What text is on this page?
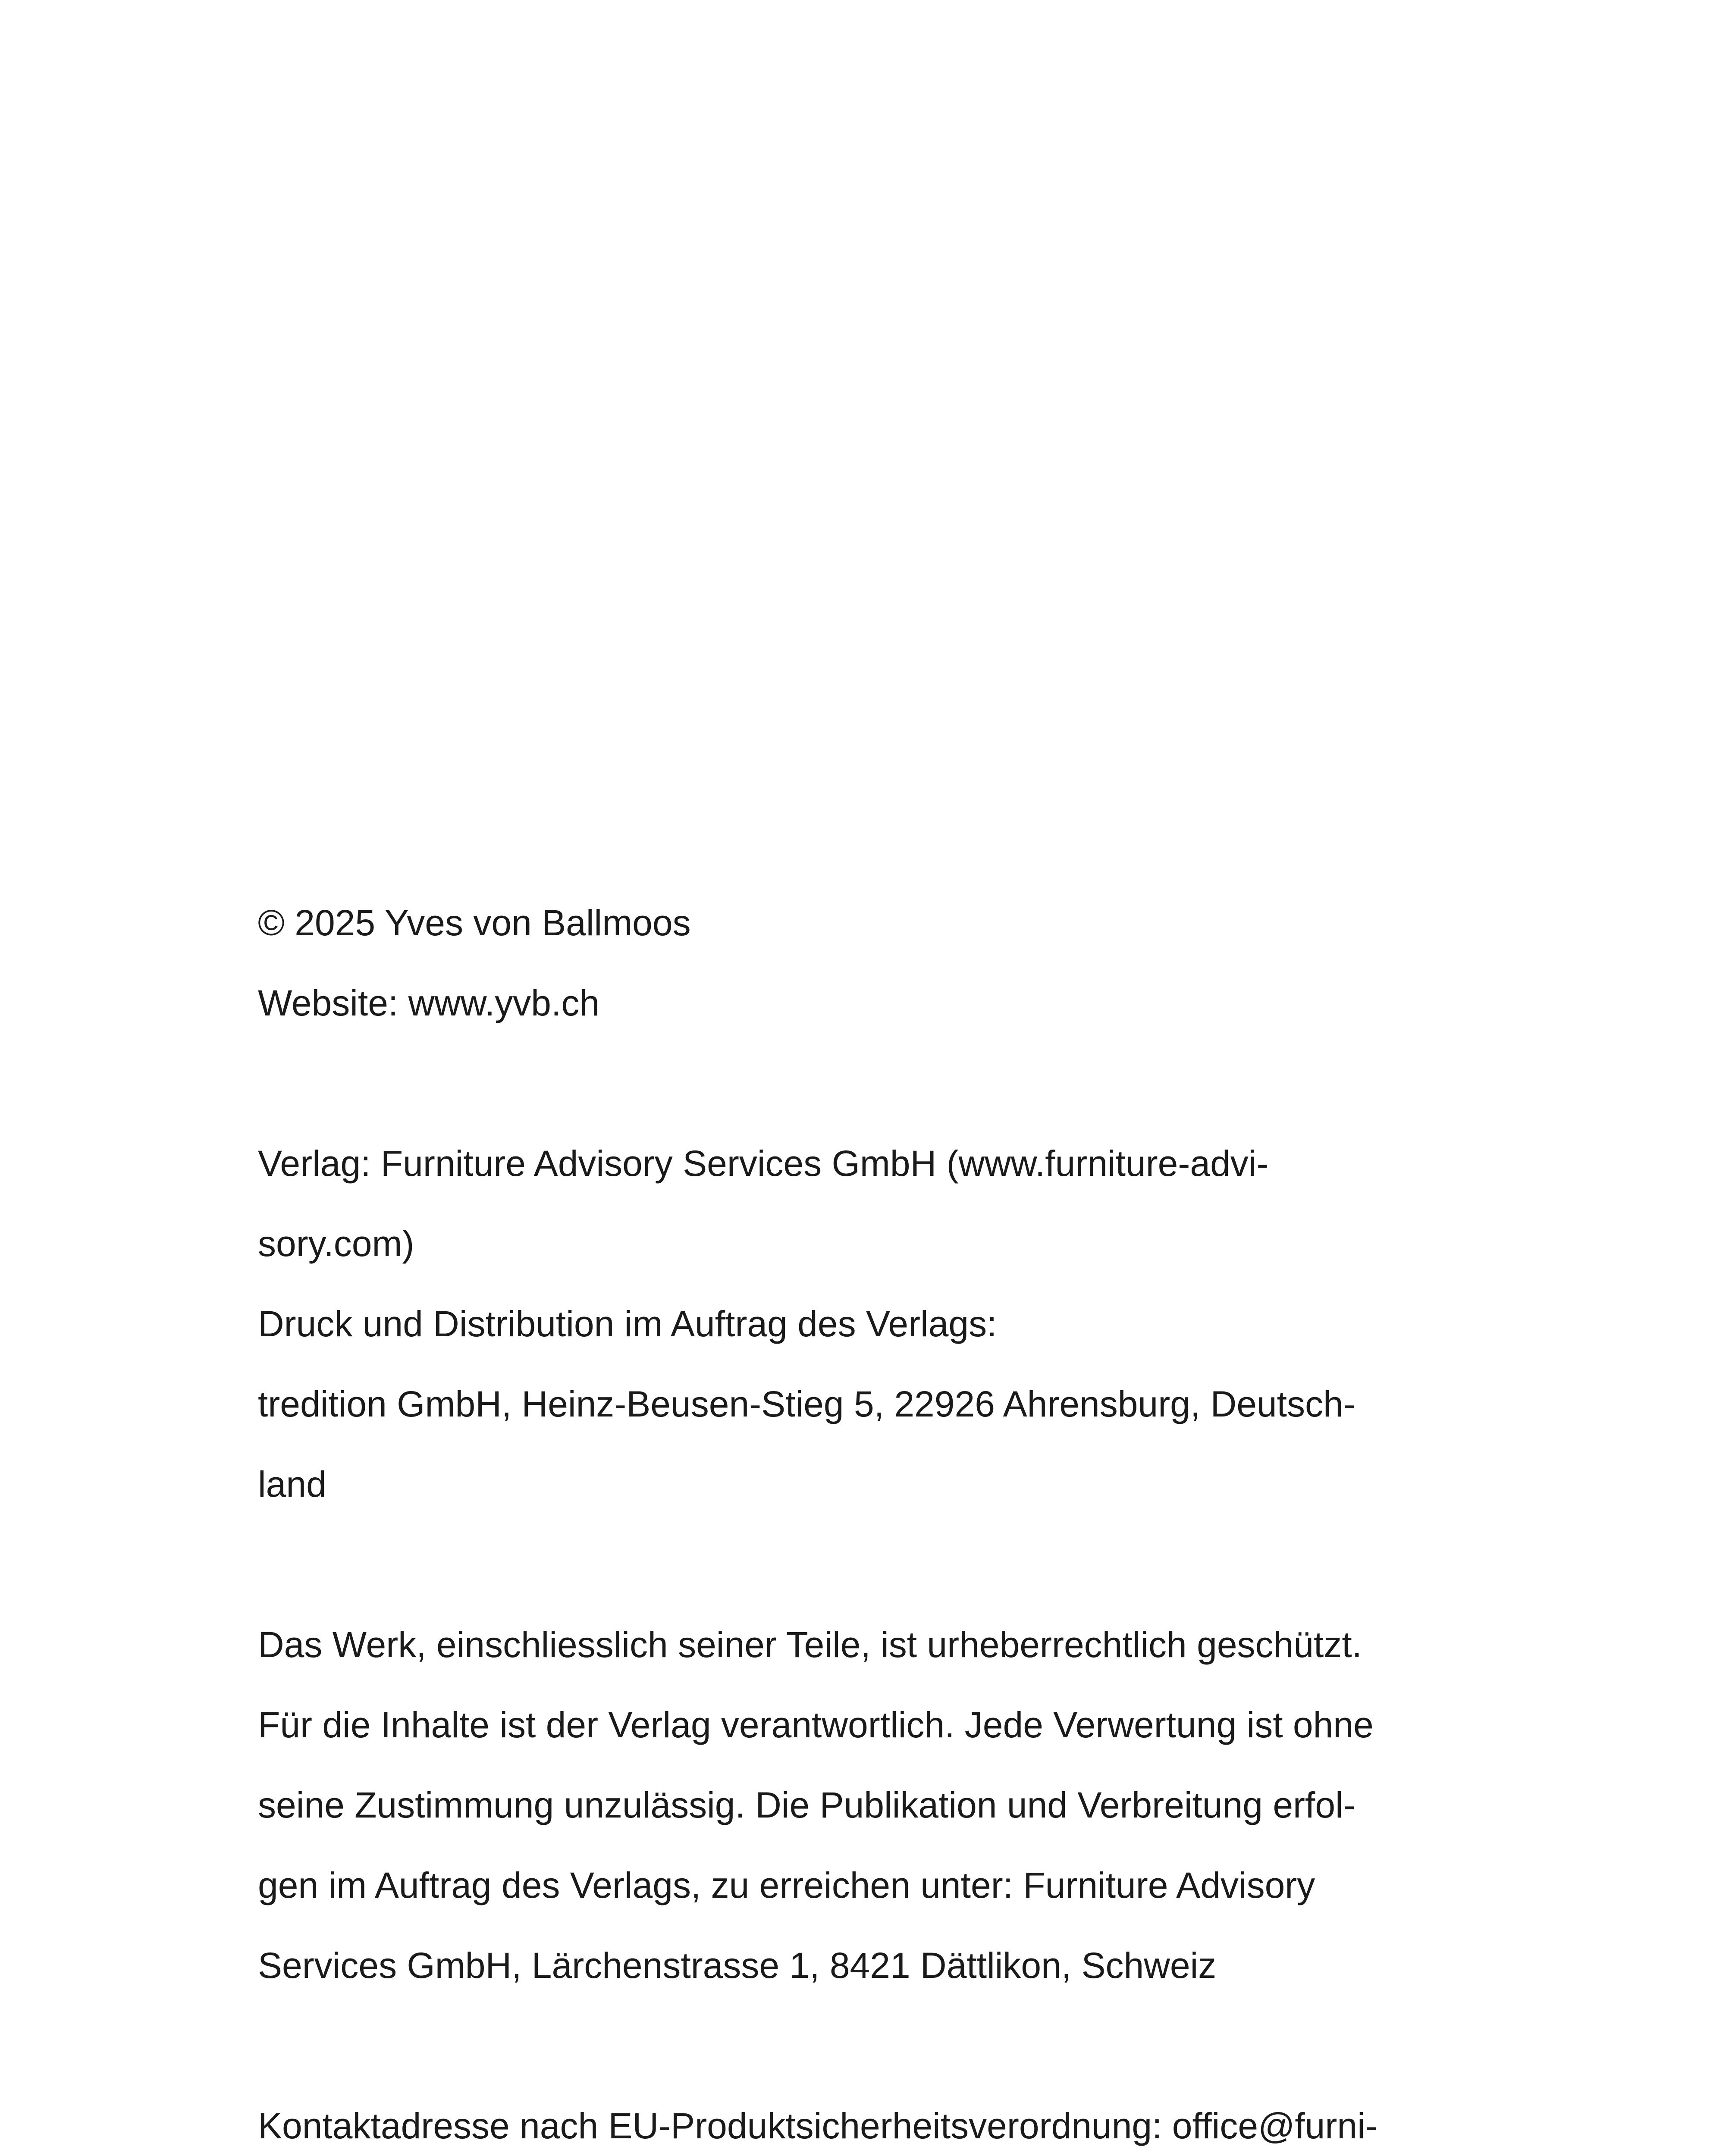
© 2025 Yves von Ballmoos
Website: www.yvb.ch
Verlag: Furniture Advisory Services GmbH (www.furniture-advi-
sory.com)
Druck und Distribution im Auftrag des Verlags:
tredition GmbH, Heinz-Beusen-Stieg 5, 22926 Ahrensburg, Deutsch-
land
Das Werk, einschliesslich seiner Teile, ist urheberrechtlich geschützt.
Für die Inhalte ist der Verlag verantwortlich. Jede Verwertung ist ohne
seine Zustimmung unzulässig. Die Publikation und Verbreitung erfol-
gen im Auftrag des Verlags, zu erreichen unter: Furniture Advisory
Services GmbH, Lärchenstrasse 1, 8421 Dättlikon, Schweiz
Kontaktadresse nach EU-Produktsicherheitsverordnung: office@furni-
